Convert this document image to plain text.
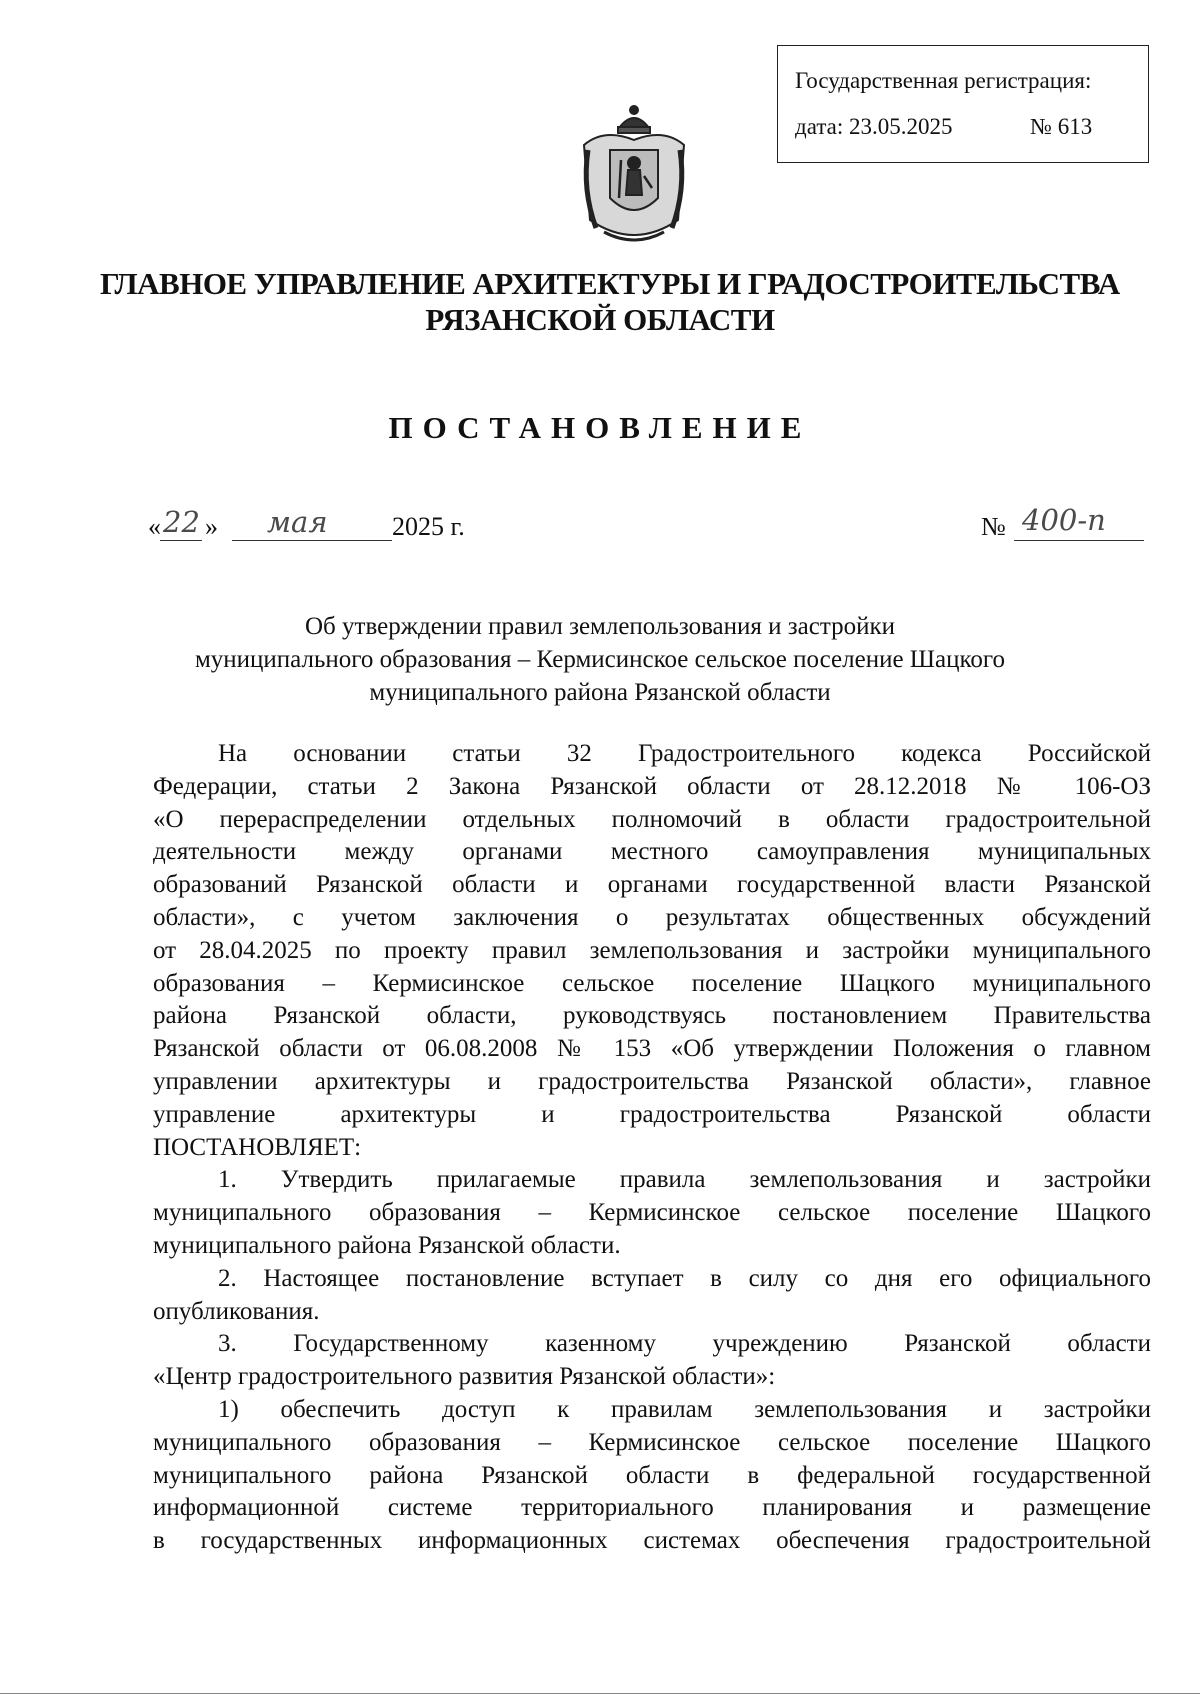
Государственная регистрация:
дата: 23.05.2025	№ 613
ГЛАВНОЕ УПРАВЛЕНИЕ АРХИТЕКТУРЫ И ГРАДОСТРОИТЕЛЬСТВА
РЯЗАНСКОЙ ОБЛАСТИ
ПОСТАНОВЛЕНИЕ
« 22 » мая 2025 г.	№ 400-п
Об утверждении правил землепользования и застройки
муниципального образования – Кермисинское сельское поселение Шацкого
муниципального района Рязанской области
На основании статьи 32 Градостроительного кодекса Российской
Федерации, статьи 2 Закона Рязанской области от 28.12.2018 № 106-ОЗ
«О перераспределении отдельных полномочий в области градостроительной
деятельности между органами местного самоуправления муниципальных
образований Рязанской области и органами государственной власти Рязанской
области», с учетом заключения о результатах общественных обсуждений
от 28.04.2025 по проекту правил землепользования и застройки муниципального
образования – Кермисинское сельское поселение Шацкого муниципального
района Рязанской области, руководствуясь постановлением Правительства
Рязанской области от 06.08.2008 № 153 «Об утверждении Положения о главном
управлении архитектуры и градостроительства Рязанской области», главное
управление архитектуры и градостроительства Рязанской области
ПОСТАНОВЛЯЕТ:
1. Утвердить прилагаемые правила землепользования и застройки
муниципального образования – Кермисинское сельское поселение Шацкого
муниципального района Рязанской области.
2. Настоящее постановление вступает в силу со дня его официального
опубликования.
3. Государственному казенному учреждению Рязанской области
«Центр градостроительного развития Рязанской области»:
1) обеспечить доступ к правилам землепользования и застройки
муниципального образования – Кермисинское сельское поселение Шацкого
муниципального района Рязанской области в федеральной государственной
информационной системе территориального планирования и размещение
в государственных информационных системах обеспечения градостроительной
